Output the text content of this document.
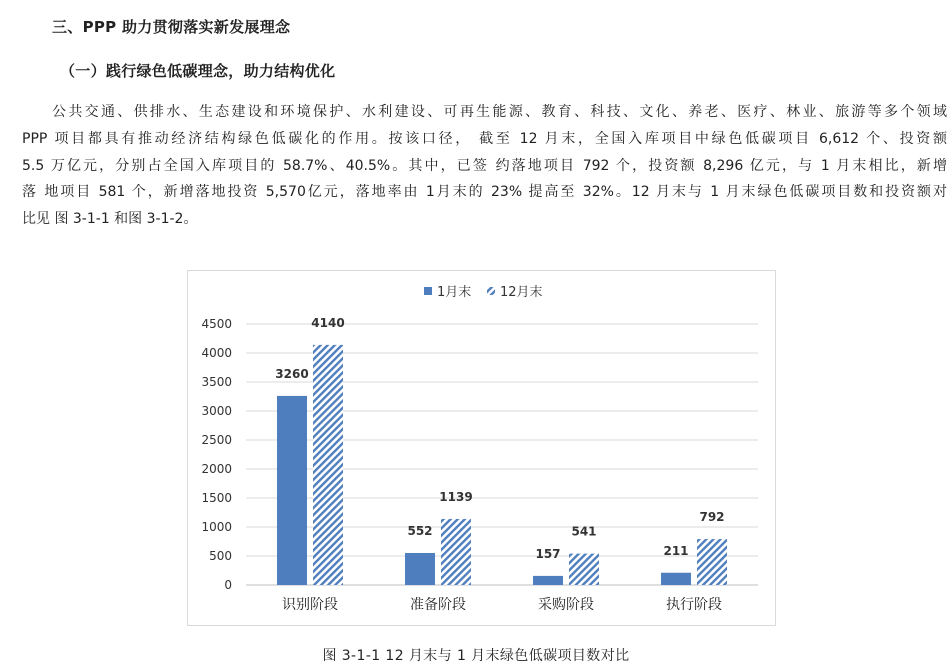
三、PPP 助力贯彻落实新发展理念
（一）践行绿色低碳理念，助力结构优化
公共交通、供排水、生态建设和环境保护、水利建设、可再生能源、教育、科技、文化、养老、医疗、林业、旅游等多个领域
PPP 项目都具有推动经济结构绿色低碳化的作用。按该口径， 截至 12 月末，全国入库项目中绿色低碳项目 6,612 个、投资额
5.5 万亿元，分别占全国入库项目的 58.7%、40.5%。其中，已签 约落地项目 792 个，投资额 8,296 亿元，与 1 月末相比，新增
落 地项目 581 个，新增落地投资 5,570亿元，落地率由 1月末的 23% 提高至 32%。12 月末与 1 月末绿色低碳项目数和投资额对
比见 图 3-1-1 和图 3-1-2。
0
500
1000
1500
2000
2500
3000
3500
4000
4500
3260
4140
552
1139
157
541
211
792
识别阶段	准备阶段	采购阶段	执行阶段
1月末 12月末
图 3-1-1 12 月末与 1 月末绿色低碳项目数对比
